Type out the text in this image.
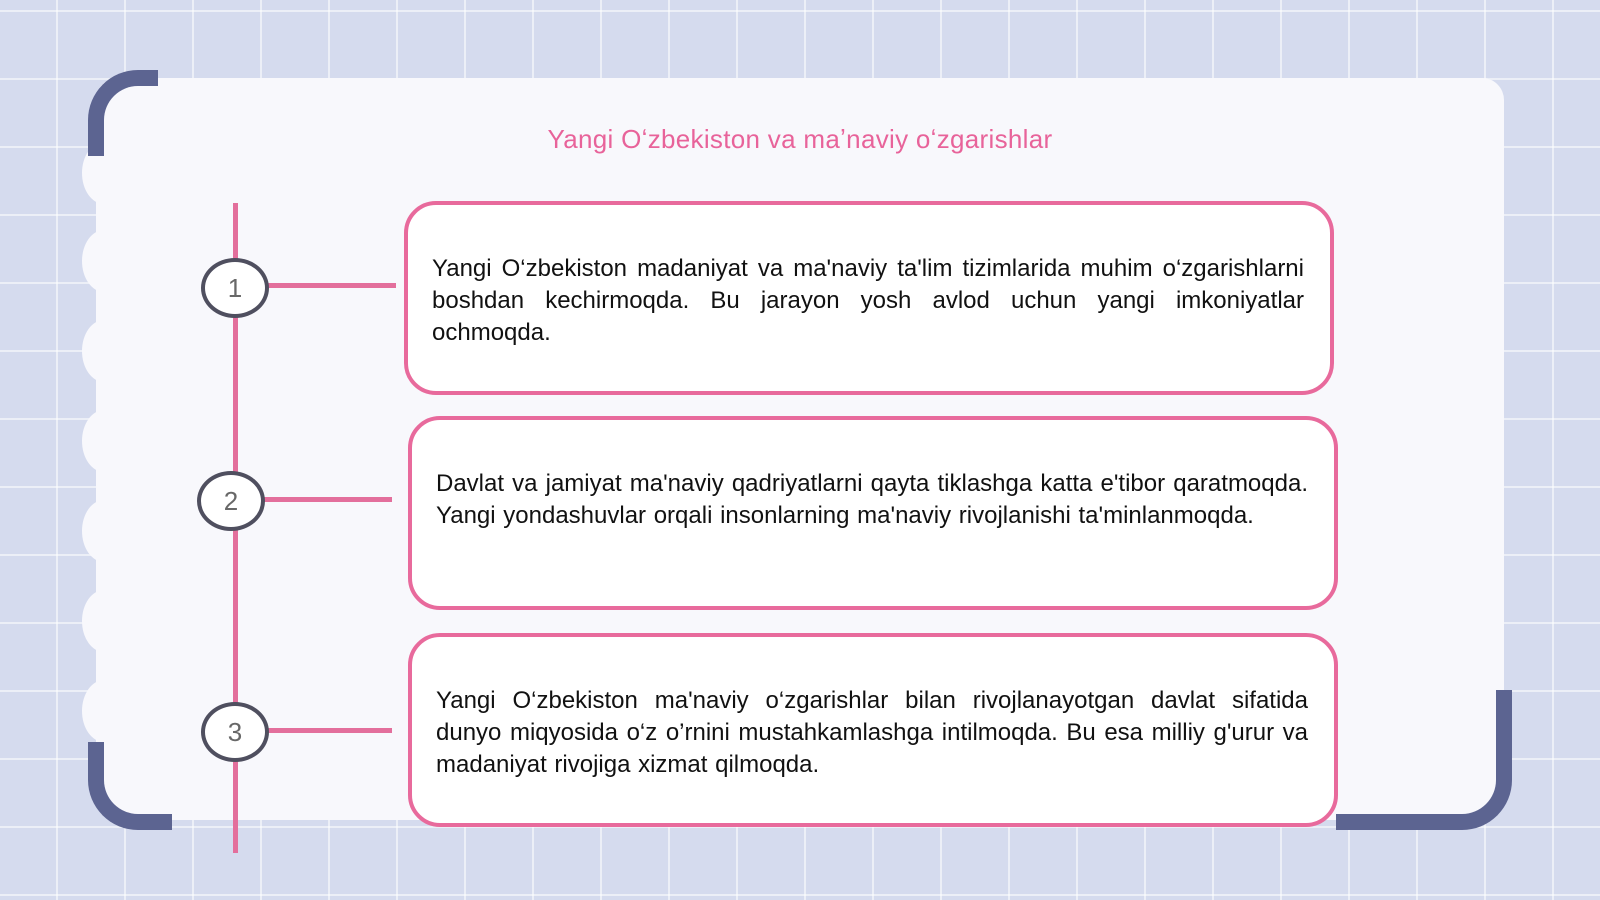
Yangi Oʻzbekiston va maʼnaviy oʻzgarishlar
1
2
3

Yangi O‘zbekiston madaniyat va ma'naviy ta'lim tizimlarida muhim o‘zgarishlarni boshdan kechirmoqda. Bu jarayon yosh avlod uchun yangi imkoniyatlar ochmoqda.

Davlat va jamiyat ma'naviy qadriyatlarni qayta tiklashga katta e'tibor qaratmoqda. Yangi yondashuvlar orqali insonlarning ma'naviy rivojlanishi ta'minlanmoqda.

Yangi O‘zbekiston ma'naviy o‘zgarishlar bilan rivojlanayotgan davlat sifatida dunyo miqyosida o‘z o’rnini mustahkamlashga intilmoqda. Bu esa milliy g'urur va madaniyat rivojiga xizmat qilmoqda.
